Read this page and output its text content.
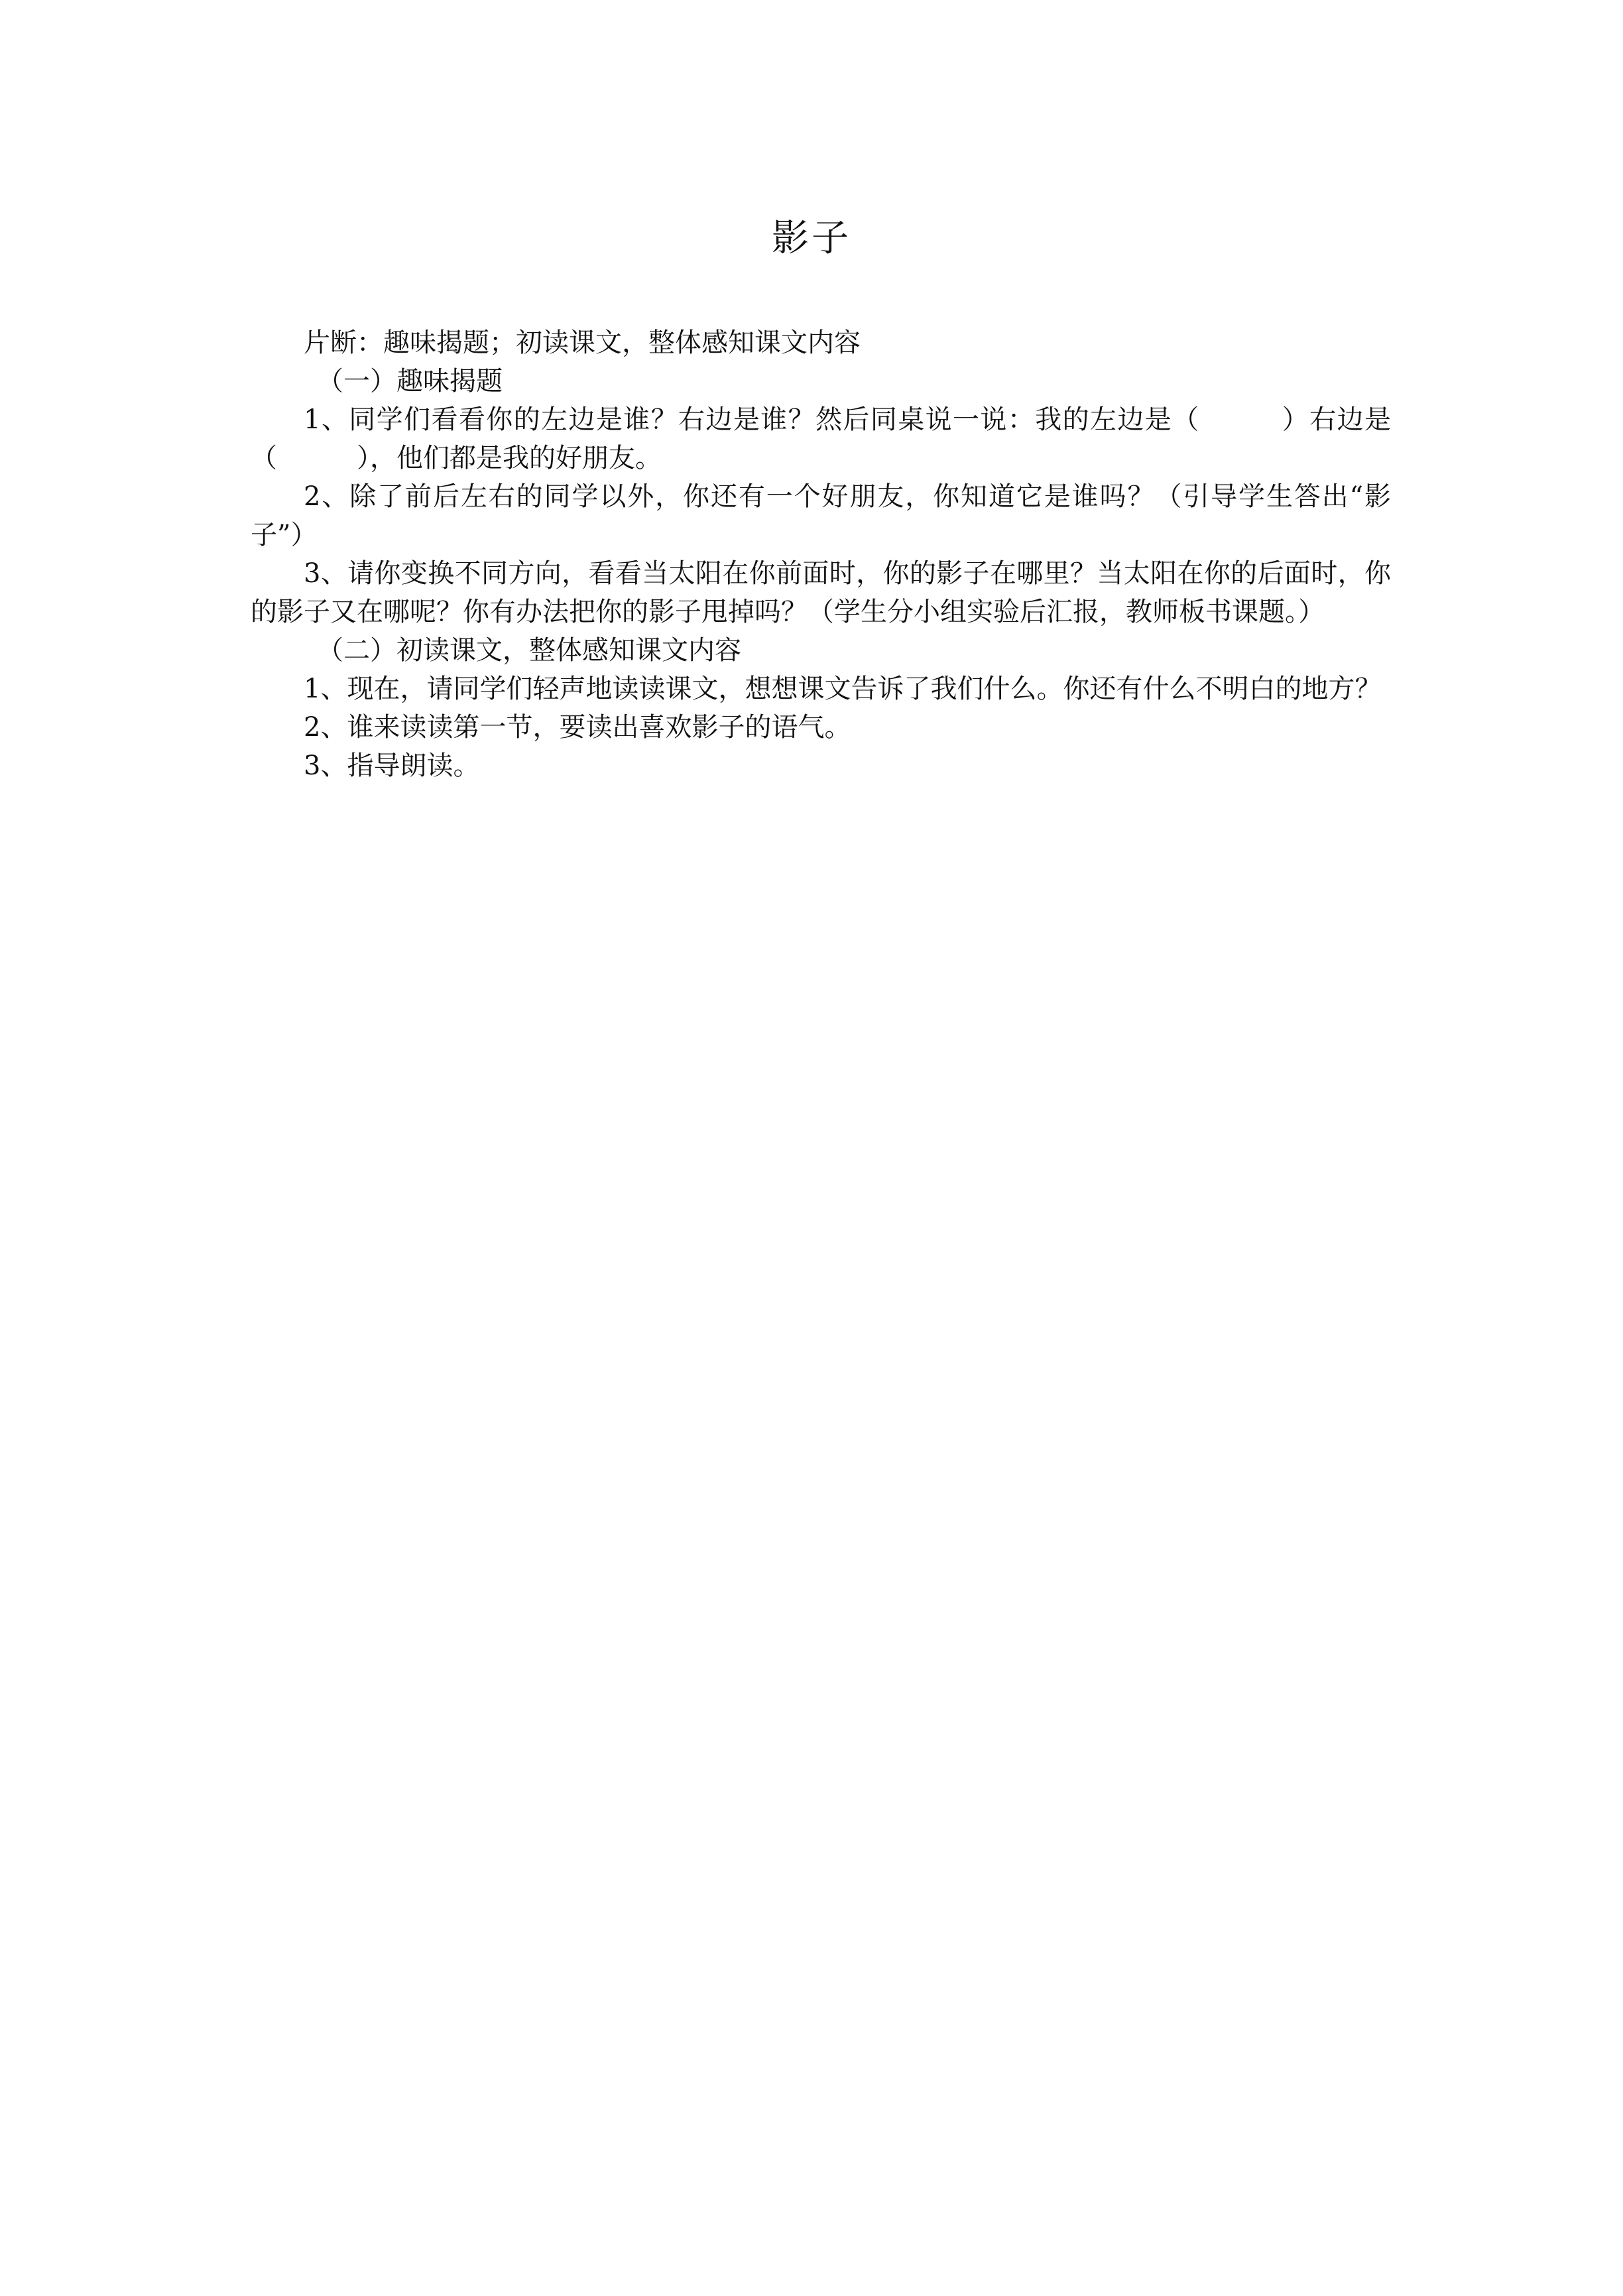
影子

片断：趣味揭题；初读课文，整体感知课文内容

（一）趣味揭题

1、同学们看看你的左边是谁？右边是谁？然后同桌说一说：我的左边是（　　　）右边是（　　　），他们都是我的好朋友。

2、除了前后左右的同学以外，你还有一个好朋友，你知道它是谁吗？（引导学生答出“影子”）

3、请你变换不同方向，看看当太阳在你前面时，你的影子在哪里？当太阳在你的后面时，你的影子又在哪呢？你有办法把你的影子甩掉吗？（学生分小组实验后汇报，教师板书课题。）

（二）初读课文，整体感知课文内容

1、现在，请同学们轻声地读读课文，想想课文告诉了我们什么。你还有什么不明白的地方？

2、谁来读读第一节，要读出喜欢影子的语气。

3、指导朗读。
